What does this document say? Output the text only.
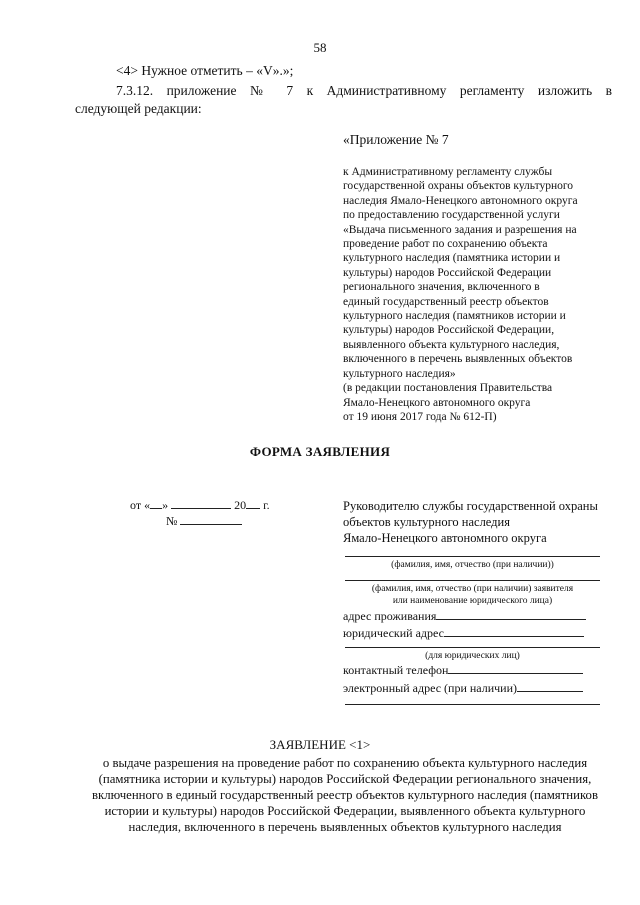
58
<4> Нужное отметить – «V».»;
7.3.12. приложение № 7 к Административному регламенту изложить в
следующей редакции:
«Приложение № 7
к Административному регламенту службы
государственной охраны объектов культурного
наследия Ямало-Ненецкого автономного округа
по предоставлению государственной услуги
«Выдача письменного задания и разрешения на
проведение работ по сохранению объекта
культурного наследия (памятника истории и
культуры) народов Российской Федерации
регионального значения, включенного в
единый государственный реестр объектов
культурного наследия (памятников истории и
культуры) народов Российской Федерации,
выявленного объекта культурного наследия,
включенного в перечень выявленных объектов
культурного наследия»
(в редакции постановления Правительства
Ямало-Ненецкого автономного округа
от 19 июня 2017 года № 612-П)
ФОРМА ЗАЯВЛЕНИЯ
от « »	20 г.
№
Руководителю службы государственной охраны
объектов культурного наследия
Ямало-Ненецкого автономного округа
(фамилия, имя, отчество (при наличии))
(фамилия, имя, отчество (при наличии) заявителя
или наименование юридического лица)
адрес проживания
юридический адрес
(для юридических лиц)
контактный телефон
электронный адрес (при наличии)
ЗАЯВЛЕНИЕ <1>
о выдаче разрешения на проведение работ по сохранению объекта культурного наследия
(памятника истории и культуры) народов Российской Федерации регионального значения,
включенного в единый государственный реестр объектов культурного наследия (памятников
истории и культуры) народов Российской Федерации, выявленного объекта культурного
наследия, включенного в перечень выявленных объектов культурного наследия
